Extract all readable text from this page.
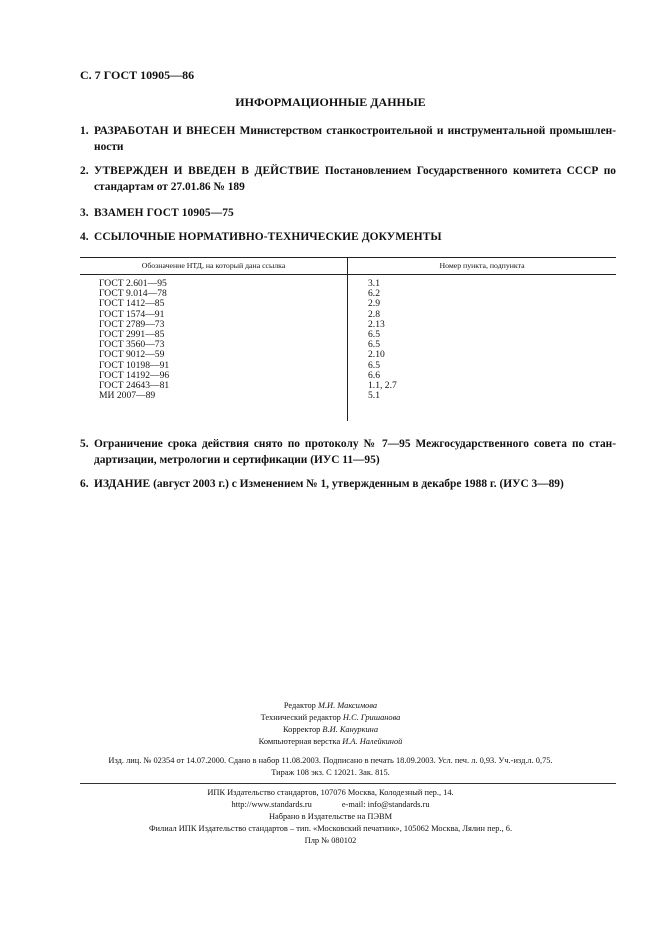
С. 7 ГОСТ 10905—86
ИНФОРМАЦИОННЫЕ ДАННЫЕ
1. РАЗРАБОТАН И ВНЕСЕН Министерством станкостроительной и инструментальной промышлен-ности
2. УТВЕРЖДЕН И ВВЕДЕН В ДЕЙСТВИЕ Постановлением Государственного комитета СССР по стандартам от 27.01.86 № 189
3. ВЗАМЕН ГОСТ 10905—75
4. ССЫЛОЧНЫЕ НОРМАТИВНО-ТЕХНИЧЕСКИЕ ДОКУМЕНТЫ
Обозначение НТД, на который дана ссылка	Номер пункта, подпункта
ГОСТ 2.601—95	3.1
ГОСТ 9.014—78	6.2
ГОСТ 1412—85	2.9
ГОСТ 1574—91	2.8
ГОСТ 2789—73	2.13
ГОСТ 2991—85	6.5
ГОСТ 3560—73	6.5
ГОСТ 9012—59	2.10
ГОСТ 10198—91	6.5
ГОСТ 14192—96	6.6
ГОСТ 24643—81	1.1, 2.7
МИ 2007—89	5.1
5. Ограничение срока действия снято по протоколу № 7—95 Межгосударственного совета по стан-дартизации, метрологии и сертификации (ИУС 11—95)
6. ИЗДАНИЕ (август 2003 г.) с Изменением № 1, утвержденным в декабре 1988 г. (ИУС 3—89)
Редактор М.И. Максимова
Технический редактор Н.С. Гришанова
Корректор В.И. Кануркина
Компьютерная верстка И.А. Налейкиной
Изд. лиц. № 02354 от 14.07.2000. Сдано в набор 11.08.2003. Подписано в печать 18.09.2003. Усл. печ. л. 0,93. Уч.-изд.л. 0,75.
Тираж 108 экз. С 12021. Зак. 815.
ИПК Издательство стандартов, 107076 Москва, Колодезный пер., 14.
http://www.standards.ru	e-mail: info@standards.ru
Набрано в Издательстве на ПЭВМ
Филиал ИПК Издательство стандартов – тип. «Московский печатник», 105062 Москва, Лялин пер., 6.
Плр № 080102
